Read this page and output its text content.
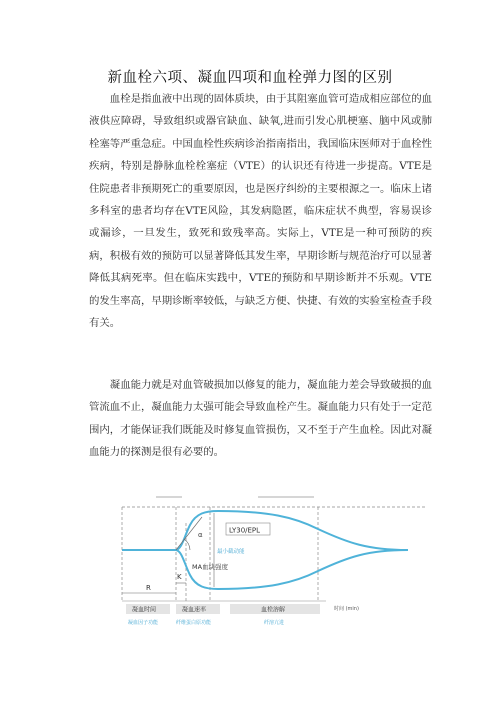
新血栓六项、凝血四项和血栓弹力图的区别

血栓是指血液中出现的固体质块，由于其阻塞血管可造成相应部位的血液供应障碍，导致组织或器官缺血、缺氧,进而引发心肌梗塞、脑中风或肺栓塞等严重急症。中国血栓性疾病诊治指南指出，我国临床医师对于血栓性疾病，特别是静脉血栓栓塞症（VTE）的认识还有待进一步提高。VTE是住院患者非预期死亡的重要原因，也是医疗纠纷的主要根源之一。临床上诸多科室的患者均存在VTE风险，其发病隐匿，临床症状不典型，容易误诊或漏诊，一旦发生，致死和致残率高。实际上，VTE是一种可预防的疾病，积极有效的预防可以显著降低其发生率，早期诊断与规范治疗可以显著降低其病死率。但在临床实践中，VTE的预防和早期诊断并不乐观。VTE的发生率高，早期诊断率较低，与缺乏方便、快捷、有效的实验室检查手段有关。

凝血能力就是对血管破损加以修复的能力，凝血能力差会导致破损的血管流血不止，凝血能力太强可能会导致血栓产生。凝血能力只有处于一定范围内，才能保证我们既能及时修复血管损伤，又不至于产生血栓。因此对凝血能力的探测是很有必要的。

α
LY30/EPL
最小截动能
MA血块强度
R
K
时间 (min)
凝血时间
凝血因子功能
凝血速率
纤维蛋白原功能
血栓溶解
纤溶亢进
